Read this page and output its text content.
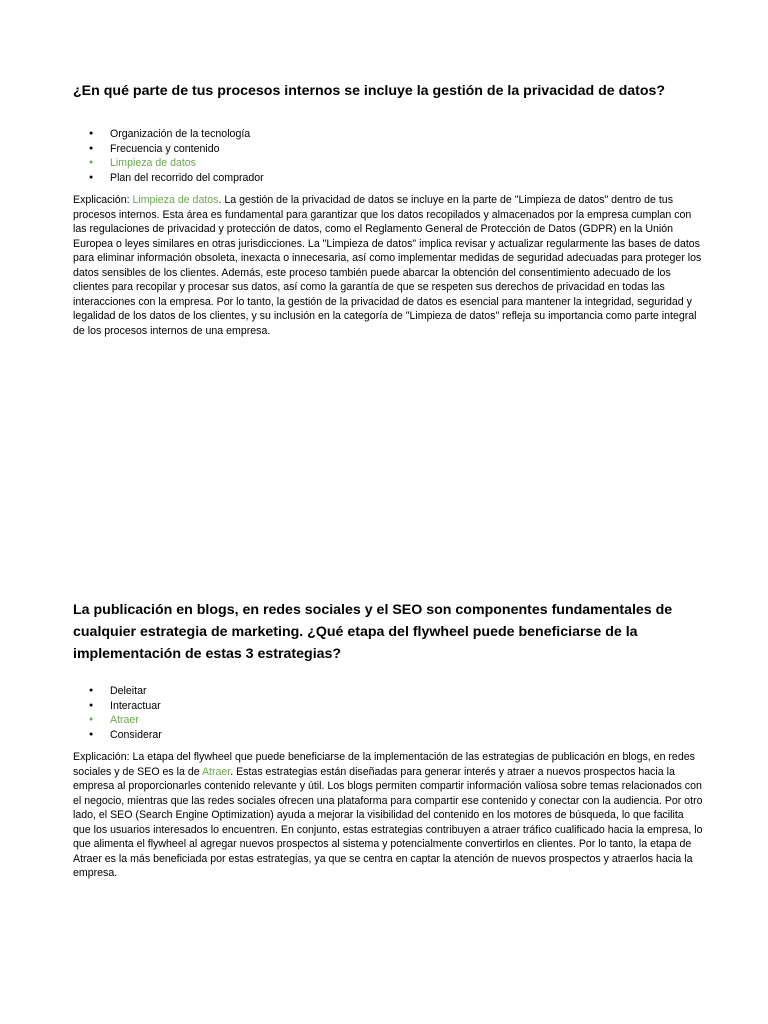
¿En qué parte de tus procesos internos se incluye la gestión de la privacidad de datos?
● Organización de la tecnología
● Frecuencia y contenido
● Limpieza de datos
● Plan del recorrido del comprador

Explicación: Limpieza de datos. La gestión de la privacidad de datos se incluye en la parte de "Limpieza de datos" dentro de tus procesos internos. Esta área es fundamental para garantizar que los datos recopilados y almacenados por la empresa cumplan con las regulaciones de privacidad y protección de datos, como el Reglamento General de Protección de Datos (GDPR) en la Unión Europea o leyes similares en otras jurisdicciones. La "Limpieza de datos" implica revisar y actualizar regularmente las bases de datos para eliminar información obsoleta, inexacta o innecesaria, así como implementar medidas de seguridad adecuadas para proteger los datos sensibles de los clientes. Además, este proceso también puede abarcar la obtención del consentimiento adecuado de los clientes para recopilar y procesar sus datos, así como la garantía de que se respeten sus derechos de privacidad en todas las interacciones con la empresa. Por lo tanto, la gestión de la privacidad de datos es esencial para mantener la integridad, seguridad y legalidad de los datos de los clientes, y su inclusión en la categoría de "Limpieza de datos" refleja su importancia como parte integral de los procesos internos de una empresa.

La publicación en blogs, en redes sociales y el SEO son componentes fundamentales de cualquier estrategia de marketing. ¿Qué etapa del flywheel puede beneficiarse de la implementación de estas 3 estrategias?
● Deleitar
● Interactuar
● Atraer
● Considerar

Explicación: La etapa del flywheel que puede beneficiarse de la implementación de las estrategias de publicación en blogs, en redes sociales y de SEO es la de Atraer. Estas estrategias están diseñadas para generar interés y atraer a nuevos prospectos hacia la empresa al proporcionarles contenido relevante y útil. Los blogs permiten compartir información valiosa sobre temas relacionados con el negocio, mientras que las redes sociales ofrecen una plataforma para compartir ese contenido y conectar con la audiencia. Por otro lado, el SEO (Search Engine Optimization) ayuda a mejorar la visibilidad del contenido en los motores de búsqueda, lo que facilita que los usuarios interesados lo encuentren. En conjunto, estas estrategias contribuyen a atraer tráfico cualificado hacia la empresa, lo que alimenta el flywheel al agregar nuevos prospectos al sistema y potencialmente convertirlos en clientes. Por lo tanto, la etapa de Atraer es la más beneficiada por estas estrategias, ya que se centra en captar la atención de nuevos prospectos y atraerlos hacia la empresa.
